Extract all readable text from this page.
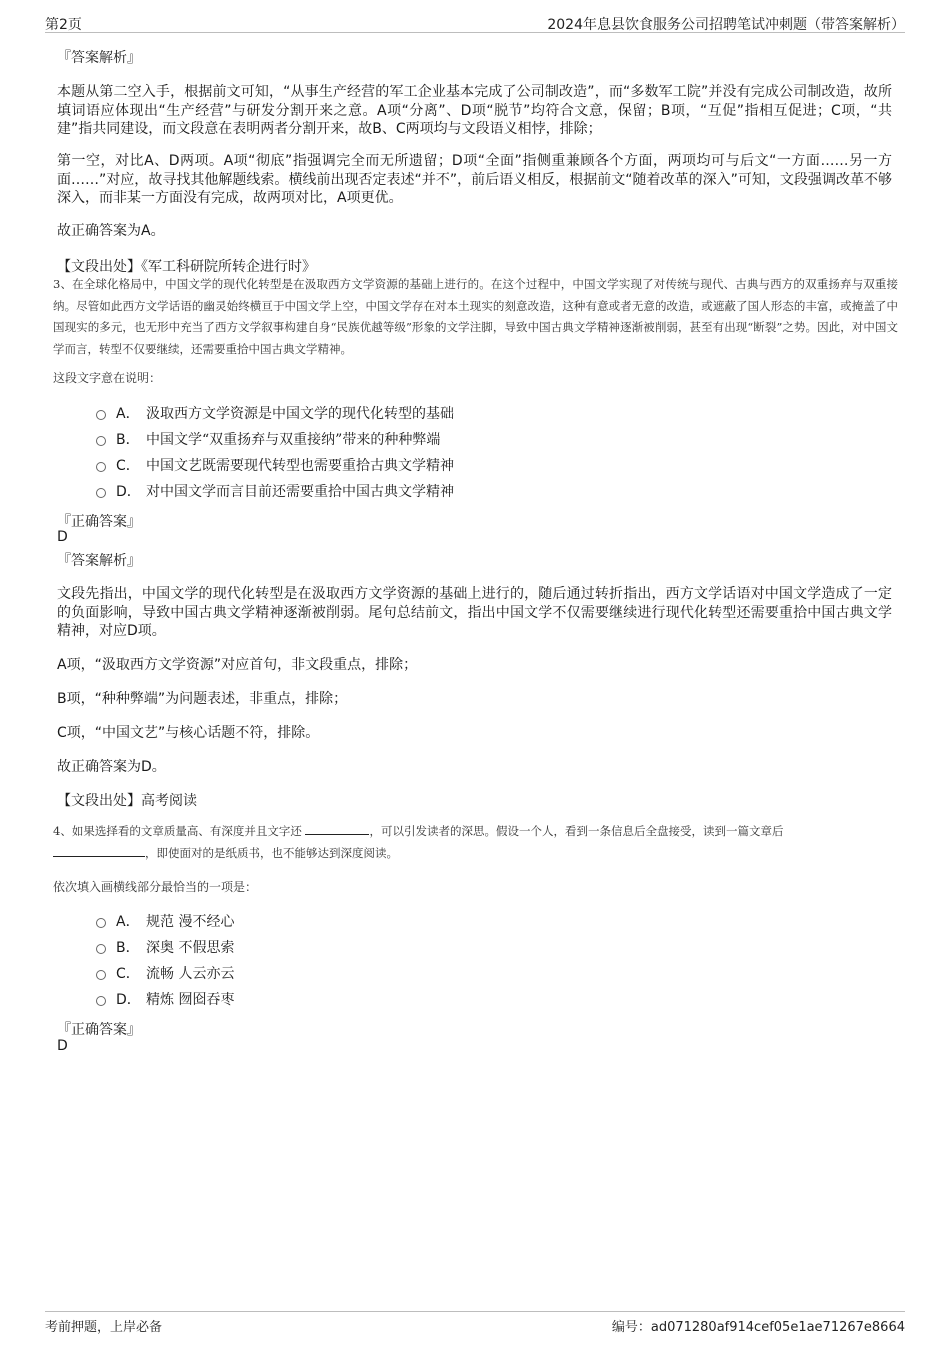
第2页	2024年息县饮食服务公司招聘笔试冲刺题（带答案解析）
『答案解析』
本题从第二空入手，根据前文可知，“从事生产经营的军工企业基本完成了公司制改造”，而“多数军工院”并没有完成公司制改造，故所填词语应体现出“生产经营”与研发分割开来之意。A项“分离”、D项“脱节”均符合文意，保留；B项，“互促”指相互促进；C项，“共建”指共同建设，而文段意在表明两者分割开来，故B、C两项均与文段语义相悖，排除；
第一空，对比A、D两项。A项“彻底”指强调完全而无所遗留；D项“全面”指侧重兼顾各个方面，两项均可与后文“一方面……另一方面……”对应，故寻找其他解题线索。横线前出现否定表述“并不”，前后语义相反，根据前文“随着改革的深入”可知，文段强调改革不够深入，而非某一方面没有完成，故两项对比，A项更优。
故正确答案为A。
【文段出处】《军工科研院所转企进行时》
3、在全球化格局中，中国文学的现代化转型是在汲取西方文学资源的基础上进行的。在这个过程中，中国文学实现了对传统与现代、古典与西方的双重扬弃与双重接纳。尽管如此西方文学话语的幽灵始终横亘于中国文学上空，中国文学存在对本土现实的刻意改造，这种有意或者无意的改造，或遮蔽了国人形态的丰富，或掩盖了中国现实的多元，也无形中充当了西方文学叙事构建自身“民族优越等级”形象的文学注脚，导致中国古典文学精神逐渐被削弱，甚至有出现“断裂”之势。因此，对中国文学而言，转型不仅要继续，还需要重拾中国古典文学精神。
这段文字意在说明：
A． 汲取西方文学资源是中国文学的现代化转型的基础
B． 中国文学“双重扬弃与双重接纳”带来的种种弊端
C． 中国文艺既需要现代转型也需要重拾古典文学精神
D． 对中国文学而言目前还需要重拾中国古典文学精神
『正确答案』
D
『答案解析』
文段先指出，中国文学的现代化转型是在汲取西方文学资源的基础上进行的，随后通过转折指出，西方文学话语对中国文学造成了一定的负面影响，导致中国古典文学精神逐渐被削弱。尾句总结前文，指出中国文学不仅需要继续进行现代化转型还需要重拾中国古典文学精神，对应D项。
A项，“汲取西方文学资源”对应首句，非文段重点，排除；
B项，“种种弊端”为问题表述，非重点，排除；
C项，“中国文艺”与核心话题不符，排除。
故正确答案为D。
【文段出处】高考阅读
4、如果选择看的文章质量高、有深度并且文字还	，可以引发读者的深思。假设一个人，看到一条信息后全盘接受，读到一篇文章后
，即使面对的是纸质书，也不能够达到深度阅读。
依次填入画横线部分最恰当的一项是：
A． 规范 漫不经心
B． 深奥 不假思索
C． 流畅 人云亦云
D． 精炼 囫囵吞枣
『正确答案』
D
考前押题，上岸必备	编号：ad071280af914cef05e1ae71267e8664
